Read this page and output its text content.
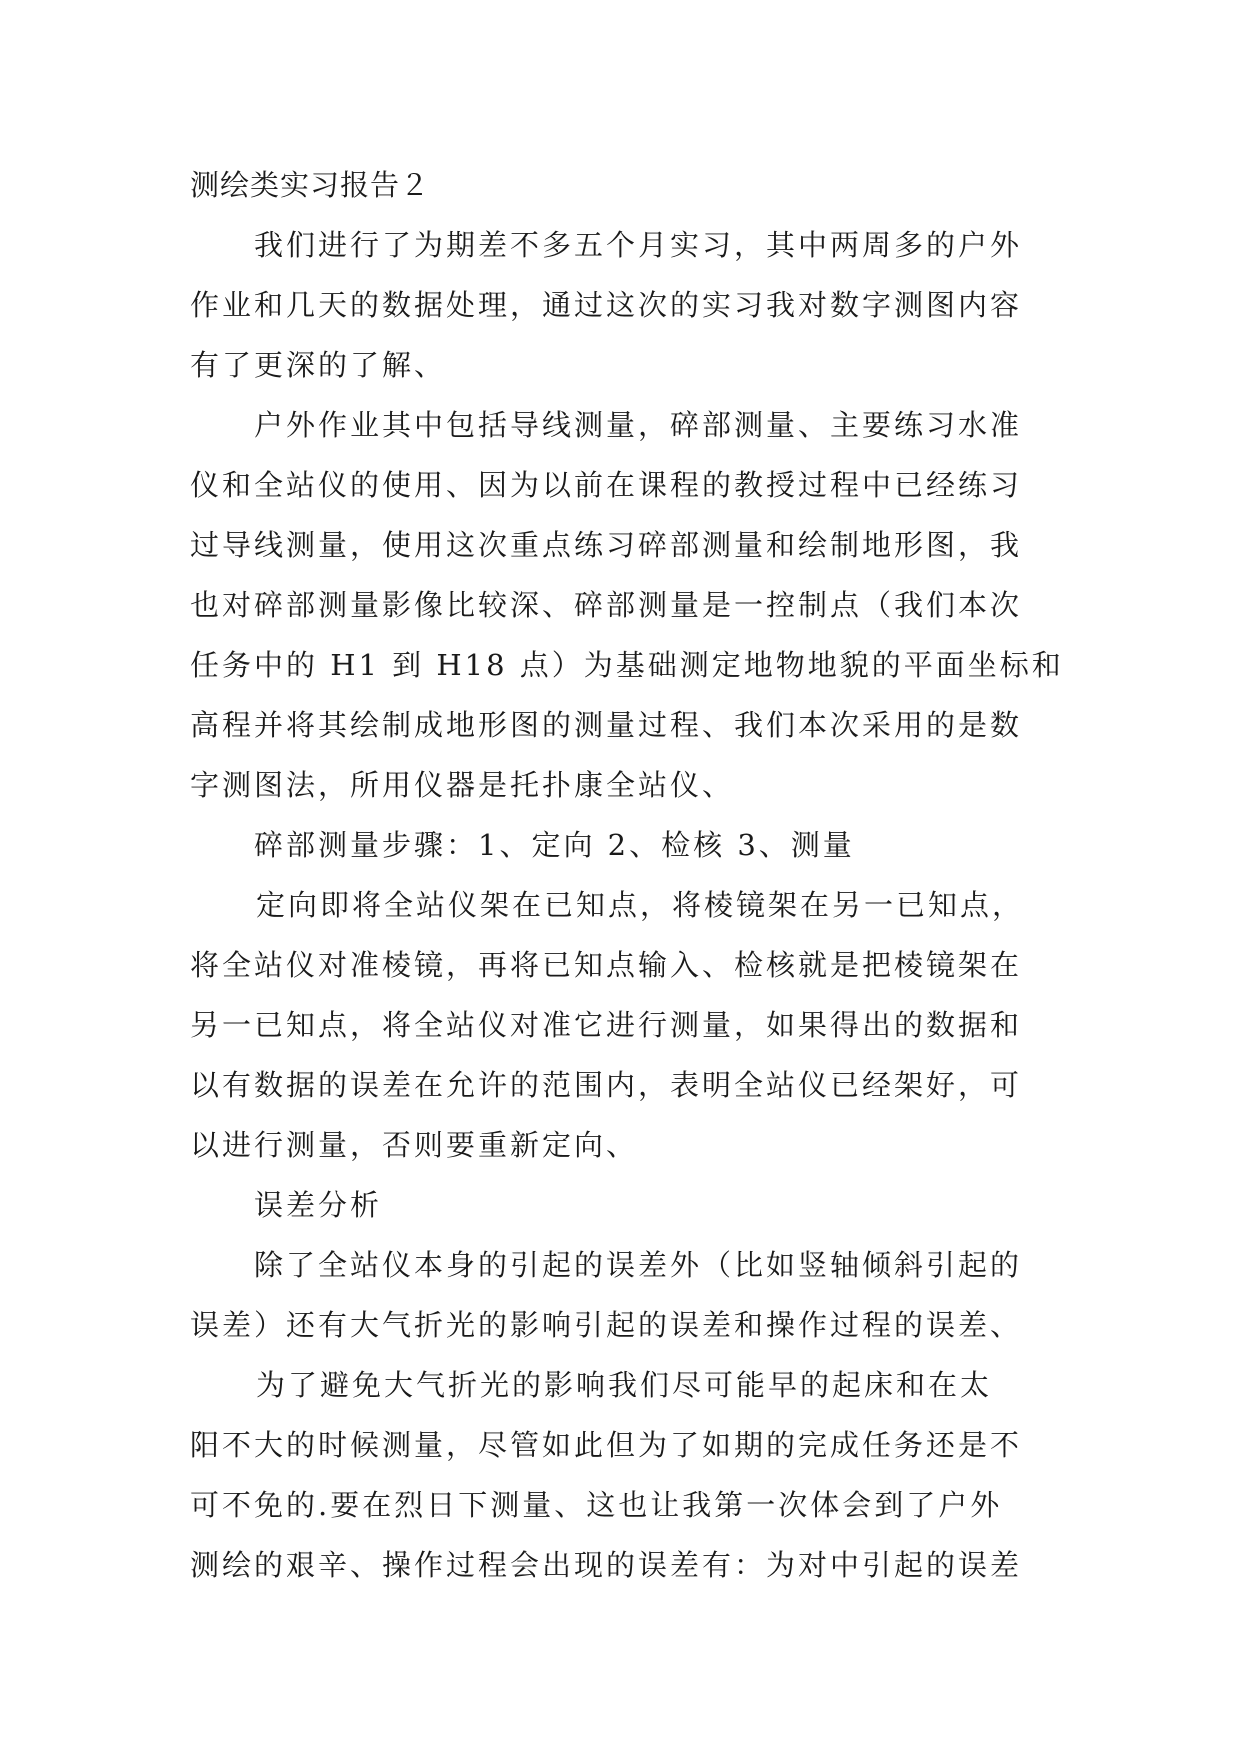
测绘类实习报告２
我们进行了为期差不多五个月实习，其中两周多的户外
作业和几天的数据处理，通过这次的实习我对数字测图内容
有了更深的了解、
户外作业其中包括导线测量，碎部测量、主要练习水准
仪和全站仪的使用、因为以前在课程的教授过程中已经练习
过导线测量，使用这次重点练习碎部测量和绘制地形图，我
也对碎部测量影像比较深、碎部测量是一控制点（我们本次
任务中的 H1 到 H18 点）为基础测定地物地貌的平面坐标和
高程并将其绘制成地形图的测量过程、我们本次采用的是数
字测图法，所用仪器是托扑康全站仪、
碎部测量步骤：1、定向 2、检核 3、测量
定向即将全站仪架在已知点，将棱镜架在另一已知点，
将全站仪对准棱镜，再将已知点输入、检核就是把棱镜架在
另一已知点，将全站仪对准它进行测量，如果得出的数据和
以有数据的误差在允许的范围内，表明全站仪已经架好，可
以进行测量，否则要重新定向、
误差分析
除了全站仪本身的引起的误差外（比如竖轴倾斜引起的
误差）还有大气折光的影响引起的误差和操作过程的误差、
为了避免大气折光的影响我们尽可能早的起床和在太
阳不大的时候测量，尽管如此但为了如期的完成任务还是不
可不免的.要在烈日下测量、这也让我第一次体会到了户外
测绘的艰辛、操作过程会出现的误差有：为对中引起的误差
